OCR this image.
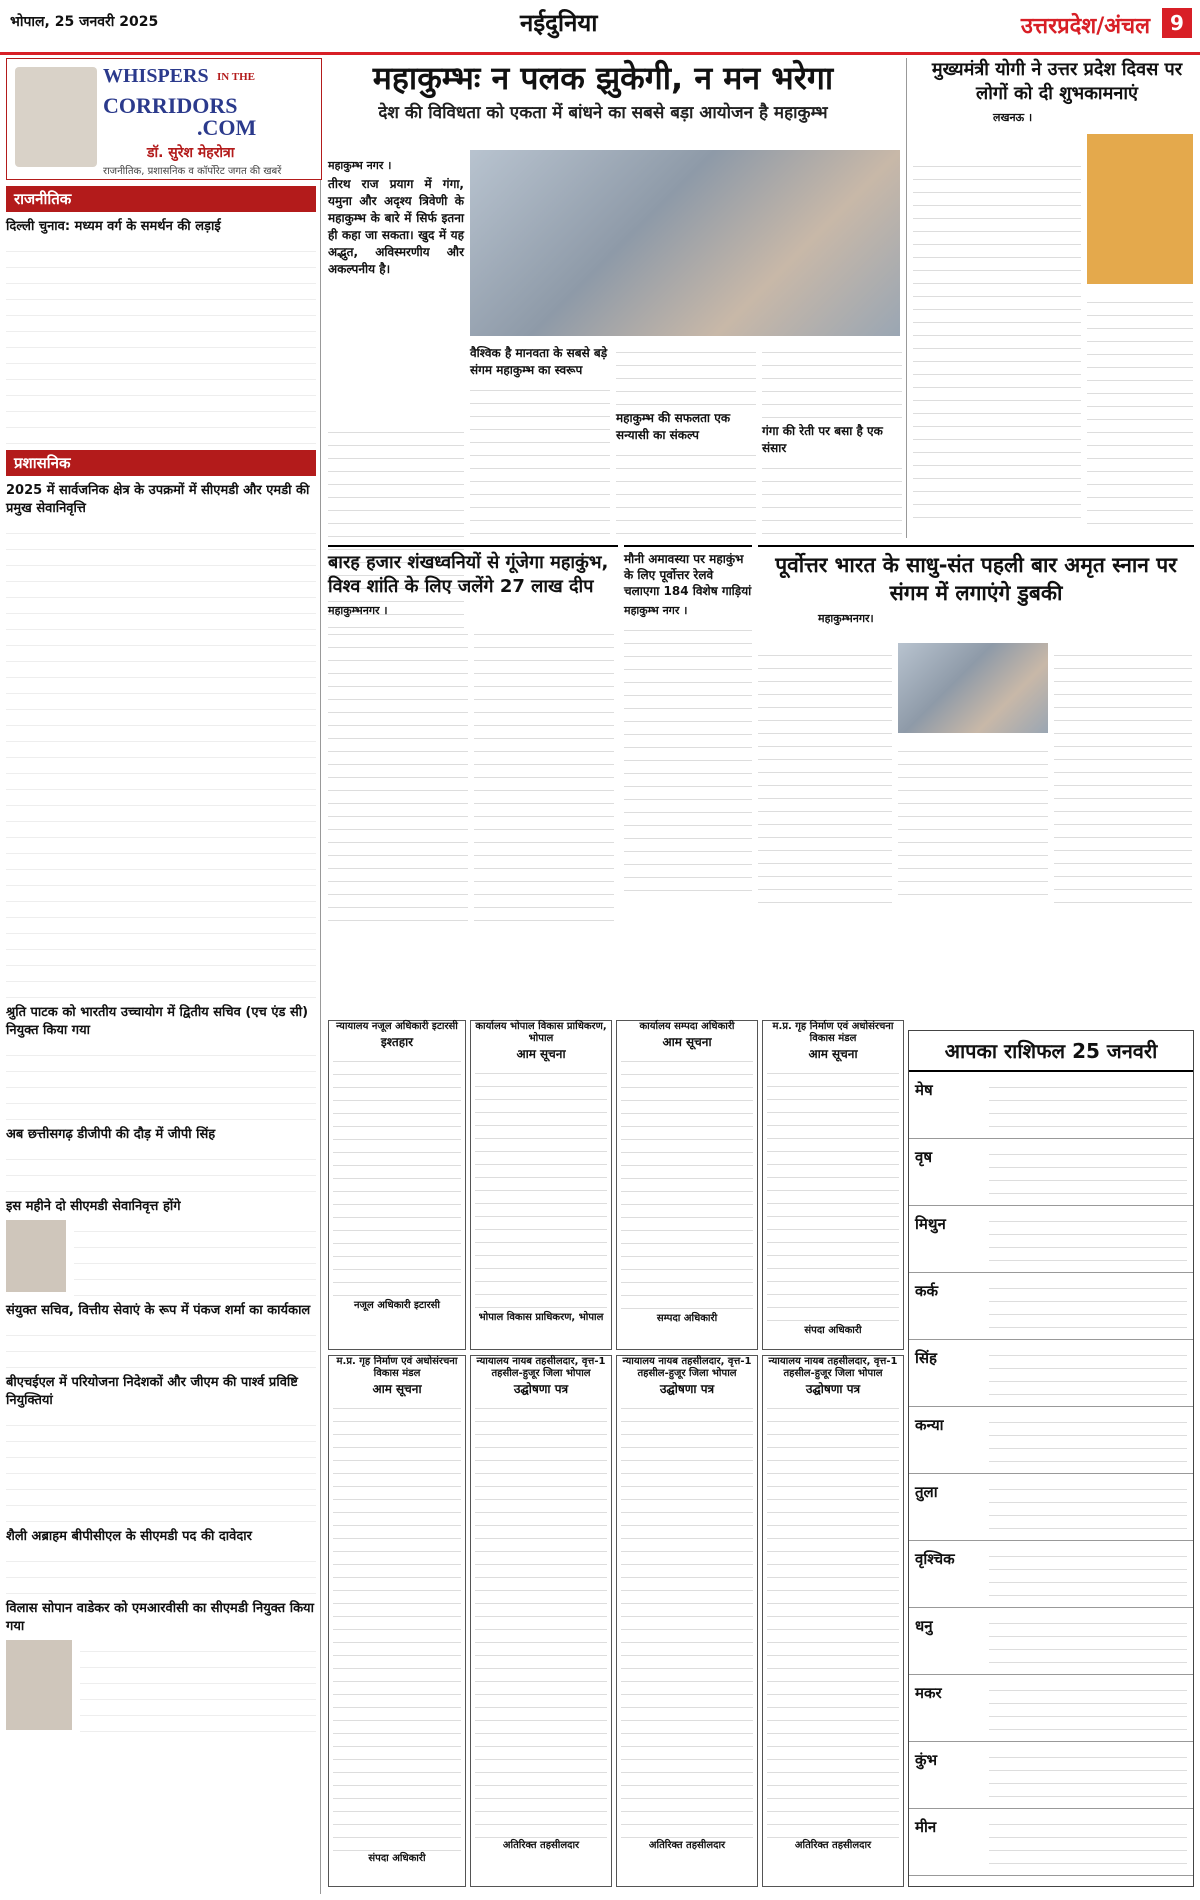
भोपाल, 25 जनवरी 2025	नईदुनिया	उत्तरप्रदेश/अंचल	9
WHISPERS IN THE
CORRIDORS
.COM
डॉ. सुरेश मेहरोत्रा
राजनीतिक, प्रशासनिक व कॉर्पोरेट जगत की खबरें
राजनीतिक
दिल्ली चुनाव: मध्यम वर्ग के समर्थन की लड़ाई
प्रशासनिक
2025 में सार्वजनिक क्षेत्र के उपक्रमों में सीएमडी और एमडी की प्रमुख सेवानिवृत्ति
श्रुति पाटक को भारतीय उच्चायोग में द्वितीय सचिव (एच एंड सी) नियुक्त किया गया
अब छत्तीसगढ़ डीजीपी की दौड़ में जीपी सिंह
इस महीने दो सीएमडी सेवानिवृत्त होंगे
संयुक्त सचिव, वित्तीय सेवाएं के रूप में पंकज शर्मा का कार्यकाल
बीएचईएल में परियोजना निदेशकों और जीएम की पार्श्व प्रविष्टि नियुक्तियां
शैली अब्राहम बीपीसीएल के सीएमडी पद की दावेदार
विलास सोपान वाडेकर को एमआरवीसी का सीएमडी नियुक्त किया गया
महाकुम्भः न पलक झुकेगी, न मन भरेगा
देश की विविधता को एकता में बांधने का सबसे बड़ा आयोजन है महाकुम्भ
महाकुम्भ नगर ।
तीरथ राज प्रयाग में गंगा, यमुना और अदृश्य त्रिवेणी के महाकुम्भ के बारे में सिर्फ इतना ही कहा जा सकता। खुद में यह अद्भुत, अविस्मरणीय और अकल्पनीय है।
वैश्विक है मानवता के सबसे बड़े संगम महाकुम्भ का स्वरूप
महाकुम्भ की सफलता एक सन्यासी का संकल्प	गंगा की रेती पर बसा है एक संसार
मुख्यमंत्री योगी ने उत्तर प्रदेश दिवस पर लोगों को दी शुभकामनाएं
लखनऊ ।
बारह हजार शंखध्वनियों से गूंजेगा महाकुंभ, विश्व शांति के लिए जलेंगे 27 लाख दीप
महाकुम्भनगर ।
मौनी अमावस्या पर महाकुंभ के लिए पूर्वोत्तर रेलवे चलाएगा 184 विशेष गाड़ियां
महाकुम्भ नगर ।
पूर्वोत्तर भारत के साधु-संत पहली बार अमृत स्नान पर संगम में लगाएंगे डुबकी
महाकुम्भनगर।
न्यायालय नजूल अधिकारी इटारसी
इश्तहार
नजूल अधिकारी इटारसी
कार्यालय भोपाल विकास प्राधिकरण, भोपाल
आम सूचना
भोपाल विकास प्राधिकरण, भोपाल
कार्यालय सम्पदा अधिकारी
आम सूचना
सम्पदा अधिकारी
म.प्र. गृह निर्माण एवं अधोसंरचना विकास मंडल
आम सूचना
संपदा अधिकारी
म.प्र. गृह निर्माण एवं अधोसंरचना विकास मंडल
आम सूचना
संपदा अधिकारी
न्यायालय नायब तहसीलदार, वृत्त-1 तहसील-हुजूर जिला भोपाल
उद्घोषणा पत्र
अतिरिक्त तहसीलदार
न्यायालय नायब तहसीलदार, वृत्त-1 तहसील-हुजूर जिला भोपाल
उद्घोषणा पत्र
अतिरिक्त तहसीलदार
न्यायालय नायब तहसीलदार, वृत्त-1 तहसील-हुजूर जिला भोपाल
उद्घोषणा पत्र
अतिरिक्त तहसीलदार
आपका राशिफल 25 जनवरी
मेष
वृष
मिथुन
कर्क
सिंह
कन्या
तुला
वृश्चिक
धनु
मकर
कुंभ
मीन
